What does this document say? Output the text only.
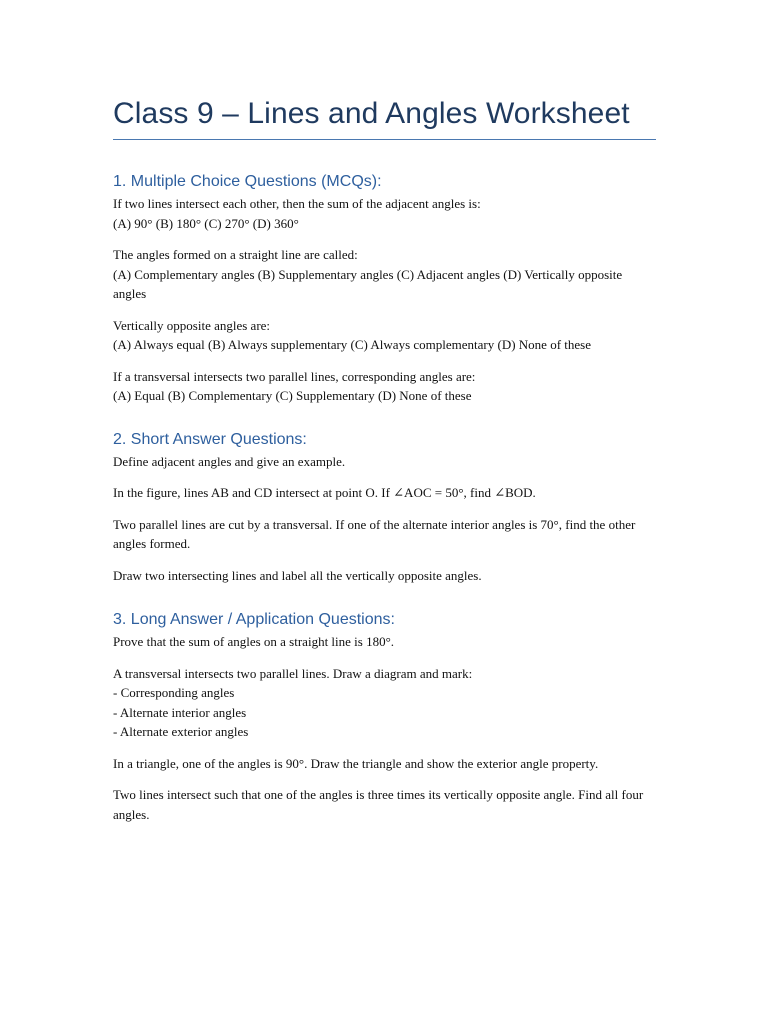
Class 9 – Lines and Angles Worksheet
1. Multiple Choice Questions (MCQs):

If two lines intersect each other, then the sum of the adjacent angles is:
(A) 90° (B) 180° (C) 270° (D) 360°

The angles formed on a straight line are called:
(A) Complementary angles (B) Supplementary angles (C) Adjacent angles (D) Vertically opposite angles

Vertically opposite angles are:
(A) Always equal (B) Always supplementary (C) Always complementary (D) None of these

If a transversal intersects two parallel lines, corresponding angles are:
(A) Equal (B) Complementary (C) Supplementary (D) None of these

2. Short Answer Questions:

Define adjacent angles and give an example.

In the figure, lines AB and CD intersect at point O. If ∠AOC = 50°, find ∠BOD.

Two parallel lines are cut by a transversal. If one of the alternate interior angles is 70°, find the other angles formed.

Draw two intersecting lines and label all the vertically opposite angles.

3. Long Answer / Application Questions:

Prove that the sum of angles on a straight line is 180°.

A transversal intersects two parallel lines. Draw a diagram and mark:
- Corresponding angles
- Alternate interior angles
- Alternate exterior angles

In a triangle, one of the angles is 90°. Draw the triangle and show the exterior angle property.

Two lines intersect such that one of the angles is three times its vertically opposite angle. Find all four angles.
